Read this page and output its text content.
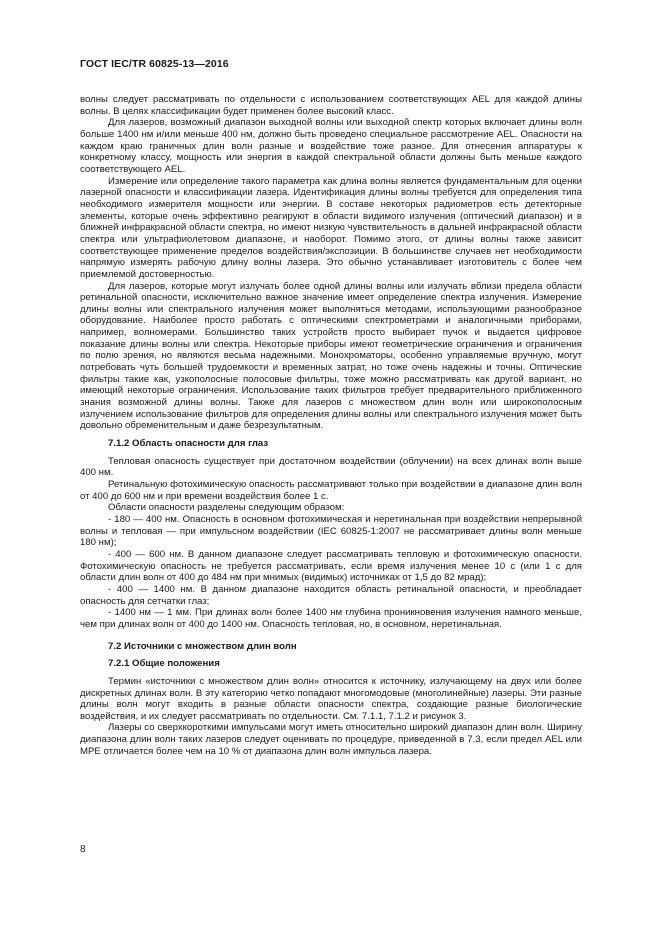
ГОСТ IEC/TR 60825-13—2016

волны следует рассматривать по отдельности с использованием соответствующих AEL для каждой длины волны. В целях классификации будет применен более высокий класс.

Для лазеров, возможный диапазон выходной волны или выходной спектр которых включает длины волн больше 1400 нм и/или меньше 400 нм, должно быть проведено специальное рассмотрение AEL. Опасности на каждом краю граничных длин волн разные и воздействие тоже разное. Для отнесения аппаратуры к конкретному классу, мощность или энергия в каждой спектральной области должны быть меньше каждого соответствующего AEL.

Измерение или определение такого параметра как длина волны является фундаментальным для оценки лазерной опасности и классификации лазера. Идентификация длины волны требуется для определения типа необходимого измерителя мощности или энергии. В составе некоторых радиометров есть детекторные элементы, которые очень эффективно реагируют в области видимого излучения (оптический диапазон) и в ближней инфракрасной области спектра, но имеют низкую чувствительность в дальней инфракрасной области спектра или ультрафиолетовом диапазоне, и наоборот. Помимо этого, от длины волны также зависит соответствующее применение пределов воздействия/экспозиции. В большинстве случаев нет необходимости напрямую измерять рабочую длину волны лазера. Это обычно устанавливает изготовитель с более чем приемлемой достоверностью.

Для лазеров, которые могут излучать более одной длины волны или излучать вблизи предела области ретинальной опасности, исключительно важное значение имеет определение спектра излучения. Измерение длины волны или спектрального излучения может выполняться методами, использующими разнообразное оборудование. Наиболее просто работать с оптическими спектрометрами и аналогичными приборами, например, волномерами. Большинство таких устройств просто выбирает пучок и выдается цифровое показание длины волны или спектра. Некоторые приборы имеют геометрические ограничения и ограничения по полю зрения, но являются весьма надежными. Монохроматоры, особенно управляемые вручную, могут потребовать чуть большей трудоемкости и временных затрат, но тоже очень надежны и точны. Оптические фильтры такие как, узкополосные полосовые фильтры, тоже можно рассматривать как другой вариант, но имеющий некоторые ограничения. Использование таких фильтров требует предварительного приближенного знания возможной длины волны. Также для лазеров с множеством длин волн или широкополосным излучением использование фильтров для определения длины волны или спектрального излучения может быть довольно обременительным и даже безрезультатным.

7.1.2 Область опасности для глаз

Тепловая опасность существует при достаточном воздействии (облучении) на всех длинах волн выше 400 нм.

Ретинальную фотохимическую опасность рассматривают только при воздействии в диапазоне длин волн от 400 до 600 нм и при времени воздействия более 1 с.

Области опасности разделены следующим образом:

- 180 — 400 нм. Опасность в основном фотохимическая и неретинальная при воздействии непрерывной волны и тепловая — при импульсном воздействии (IEC 60825-1:2007 не рассматривает длины волн меньше 180 нм);

- 400 — 600 нм. В данном диапазоне следует рассматривать тепловую и фотохимическую опасности. Фотохимическую опасность не требуется рассматривать, если время излучения менее 10 с (или 1 с для области длин волн от 400 до 484 нм при мнимых (видимых) источниках от 1,5 до 82 мрад);

- 400 — 1400 нм. В данном диапазоне находится область ретинальной опасности, и преобладает опасность для сетчатки глаз;

- 1400 нм — 1 мм. При длинах волн более 1400 нм глубина проникновения излучения намного меньше, чем при длинах волн от 400 до 1400 нм. Опасность тепловая, но, в основном, неретинальная.

7.2 Источники с множеством длин волн

7.2.1 Общие положения

Термин «источники с множеством длин волн» относится к источнику, излучающему на двух или более дискретных длинах волн. В эту категорию четко попадают многомодовые (многолинейные) лазеры. Эти разные длины волн могут входить в разные области опасности спектра, создающие разные биологические воздействия, и их следует рассматривать по отдельности. См. 7.1.1, 7.1.2 и рисунок 3.

Лазеры со сверхкороткими импульсами могут иметь относительно широкий диапазон длин волн. Ширину диапазона длин волн таких лазеров следует оценивать по процедуре, приведенной в 7.3, если предел AEL или MPE отличается более чем на 10 % от диапазона длин волн импульса лазера.

8
